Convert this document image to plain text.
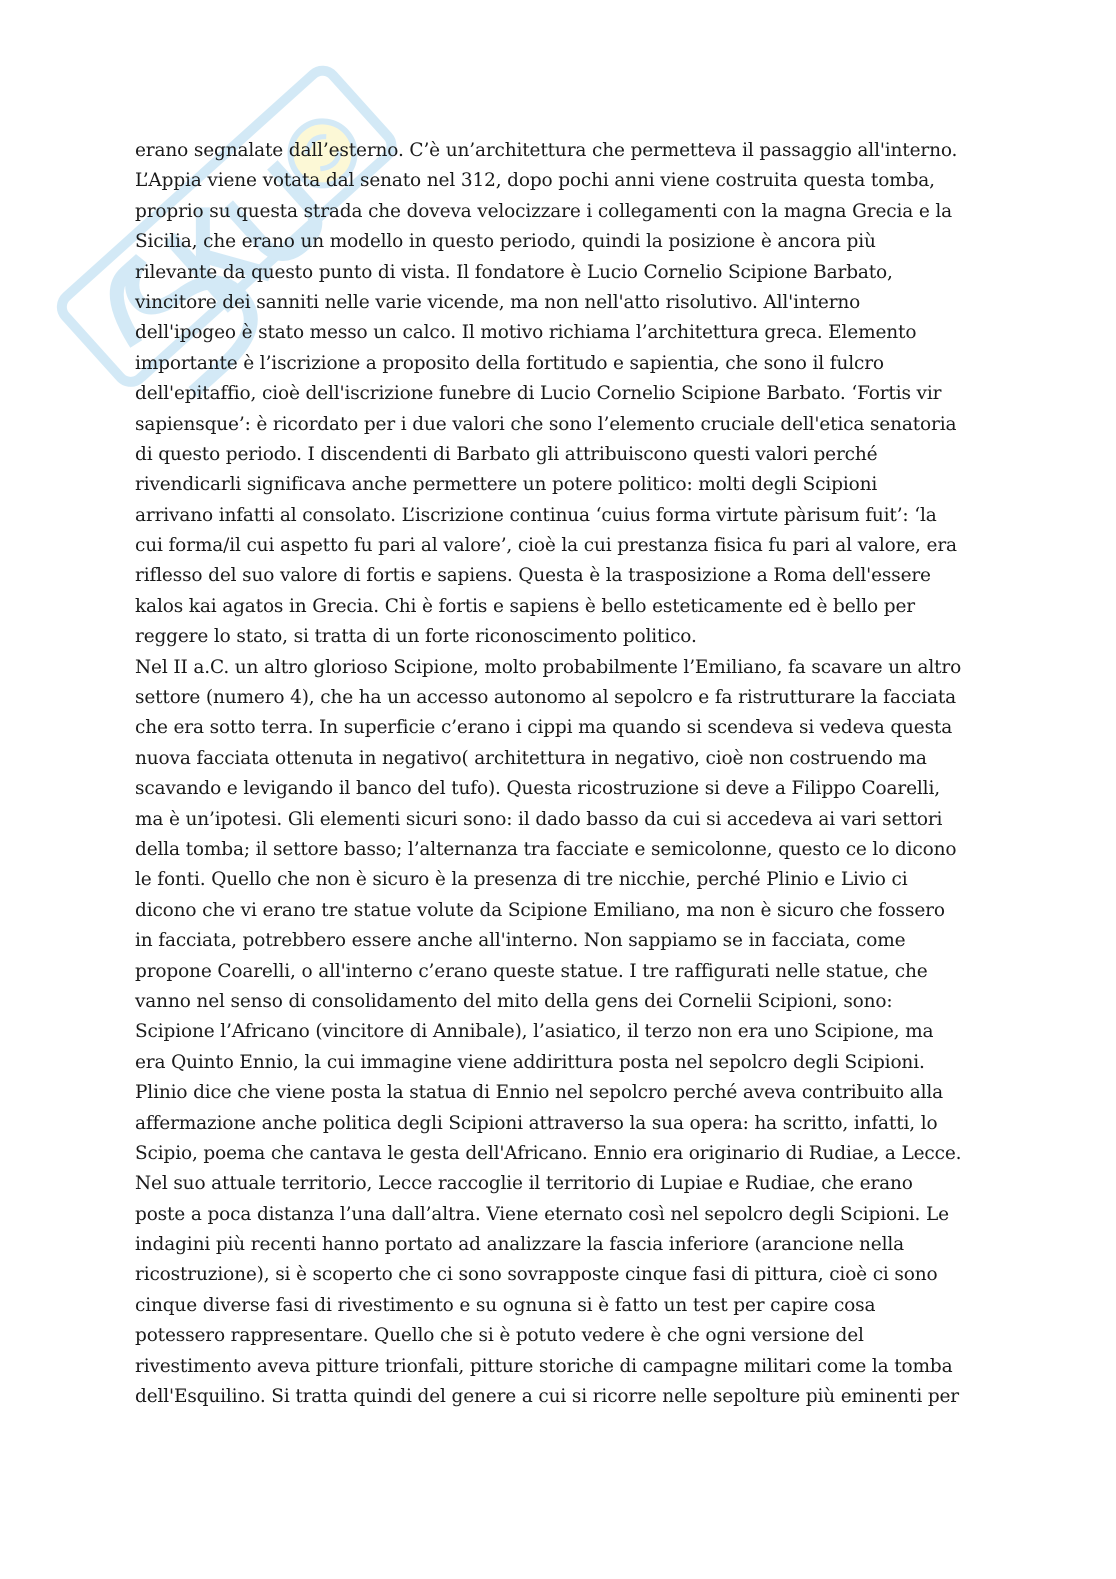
erano segnalate dall’esterno. C’è un’architettura che permetteva il passaggio all'interno.
L’Appia viene votata dal senato nel 312, dopo pochi anni viene costruita questa tomba,
proprio su questa strada che doveva velocizzare i collegamenti con la magna Grecia e la
Sicilia, che erano un modello in questo periodo, quindi la posizione è ancora più
rilevante da questo punto di vista. Il fondatore è Lucio Cornelio Scipione Barbato,
vincitore dei sanniti nelle varie vicende, ma non nell'atto risolutivo. All'interno
dell'ipogeo è stato messo un calco. Il motivo richiama l’architettura greca. Elemento
importante è l’iscrizione a proposito della fortitudo e sapientia, che sono il fulcro
dell'epitaffio, cioè dell'iscrizione funebre di Lucio Cornelio Scipione Barbato. ‘Fortis vir
sapiensque’: è ricordato per i due valori che sono l’elemento cruciale dell'etica senatoria
di questo periodo. I discendenti di Barbato gli attribuiscono questi valori perché
rivendicarli significava anche permettere un potere politico: molti degli Scipioni
arrivano infatti al consolato. L’iscrizione continua ‘cuius forma virtute pàrisum fuit’: ‘la
cui forma/il cui aspetto fu pari al valore’, cioè la cui prestanza fisica fu pari al valore, era
riflesso del suo valore di fortis e sapiens. Questa è la trasposizione a Roma dell'essere
kalos kai agatos in Grecia. Chi è fortis e sapiens è bello esteticamente ed è bello per
reggere lo stato, si tratta di un forte riconoscimento politico.
Nel II a.C. un altro glorioso Scipione, molto probabilmente l’Emiliano, fa scavare un altro
settore (numero 4), che ha un accesso autonomo al sepolcro e fa ristrutturare la facciata
che era sotto terra. In superficie c’erano i cippi ma quando si scendeva si vedeva questa
nuova facciata ottenuta in negativo( architettura in negativo, cioè non costruendo ma
scavando e levigando il banco del tufo). Questa ricostruzione si deve a Filippo Coarelli,
ma è un’ipotesi. Gli elementi sicuri sono: il dado basso da cui si accedeva ai vari settori
della tomba; il settore basso; l’alternanza tra facciate e semicolonne, questo ce lo dicono
le fonti. Quello che non è sicuro è la presenza di tre nicchie, perché Plinio e Livio ci
dicono che vi erano tre statue volute da Scipione Emiliano, ma non è sicuro che fossero
in facciata, potrebbero essere anche all'interno. Non sappiamo se in facciata, come
propone Coarelli, o all'interno c’erano queste statue. I tre raffigurati nelle statue, che
vanno nel senso di consolidamento del mito della gens dei Cornelii Scipioni, sono:
Scipione l’Africano (vincitore di Annibale), l’asiatico, il terzo non era uno Scipione, ma
era Quinto Ennio, la cui immagine viene addirittura posta nel sepolcro degli Scipioni.
Plinio dice che viene posta la statua di Ennio nel sepolcro perché aveva contribuito alla
affermazione anche politica degli Scipioni attraverso la sua opera: ha scritto, infatti, lo
Scipio, poema che cantava le gesta dell'Africano. Ennio era originario di Rudiae, a Lecce.
Nel suo attuale territorio, Lecce raccoglie il territorio di Lupiae e Rudiae, che erano
poste a poca distanza l’una dall’altra. Viene eternato così nel sepolcro degli Scipioni. Le
indagini più recenti hanno portato ad analizzare la fascia inferiore (arancione nella
ricostruzione), si è scoperto che ci sono sovrapposte cinque fasi di pittura, cioè ci sono
cinque diverse fasi di rivestimento e su ognuna si è fatto un test per capire cosa
potessero rappresentare. Quello che si è potuto vedere è che ogni versione del
rivestimento aveva pitture trionfali, pitture storiche di campagne militari come la tomba
dell'Esquilino. Si tratta quindi del genere a cui si ricorre nelle sepolture più eminenti per
